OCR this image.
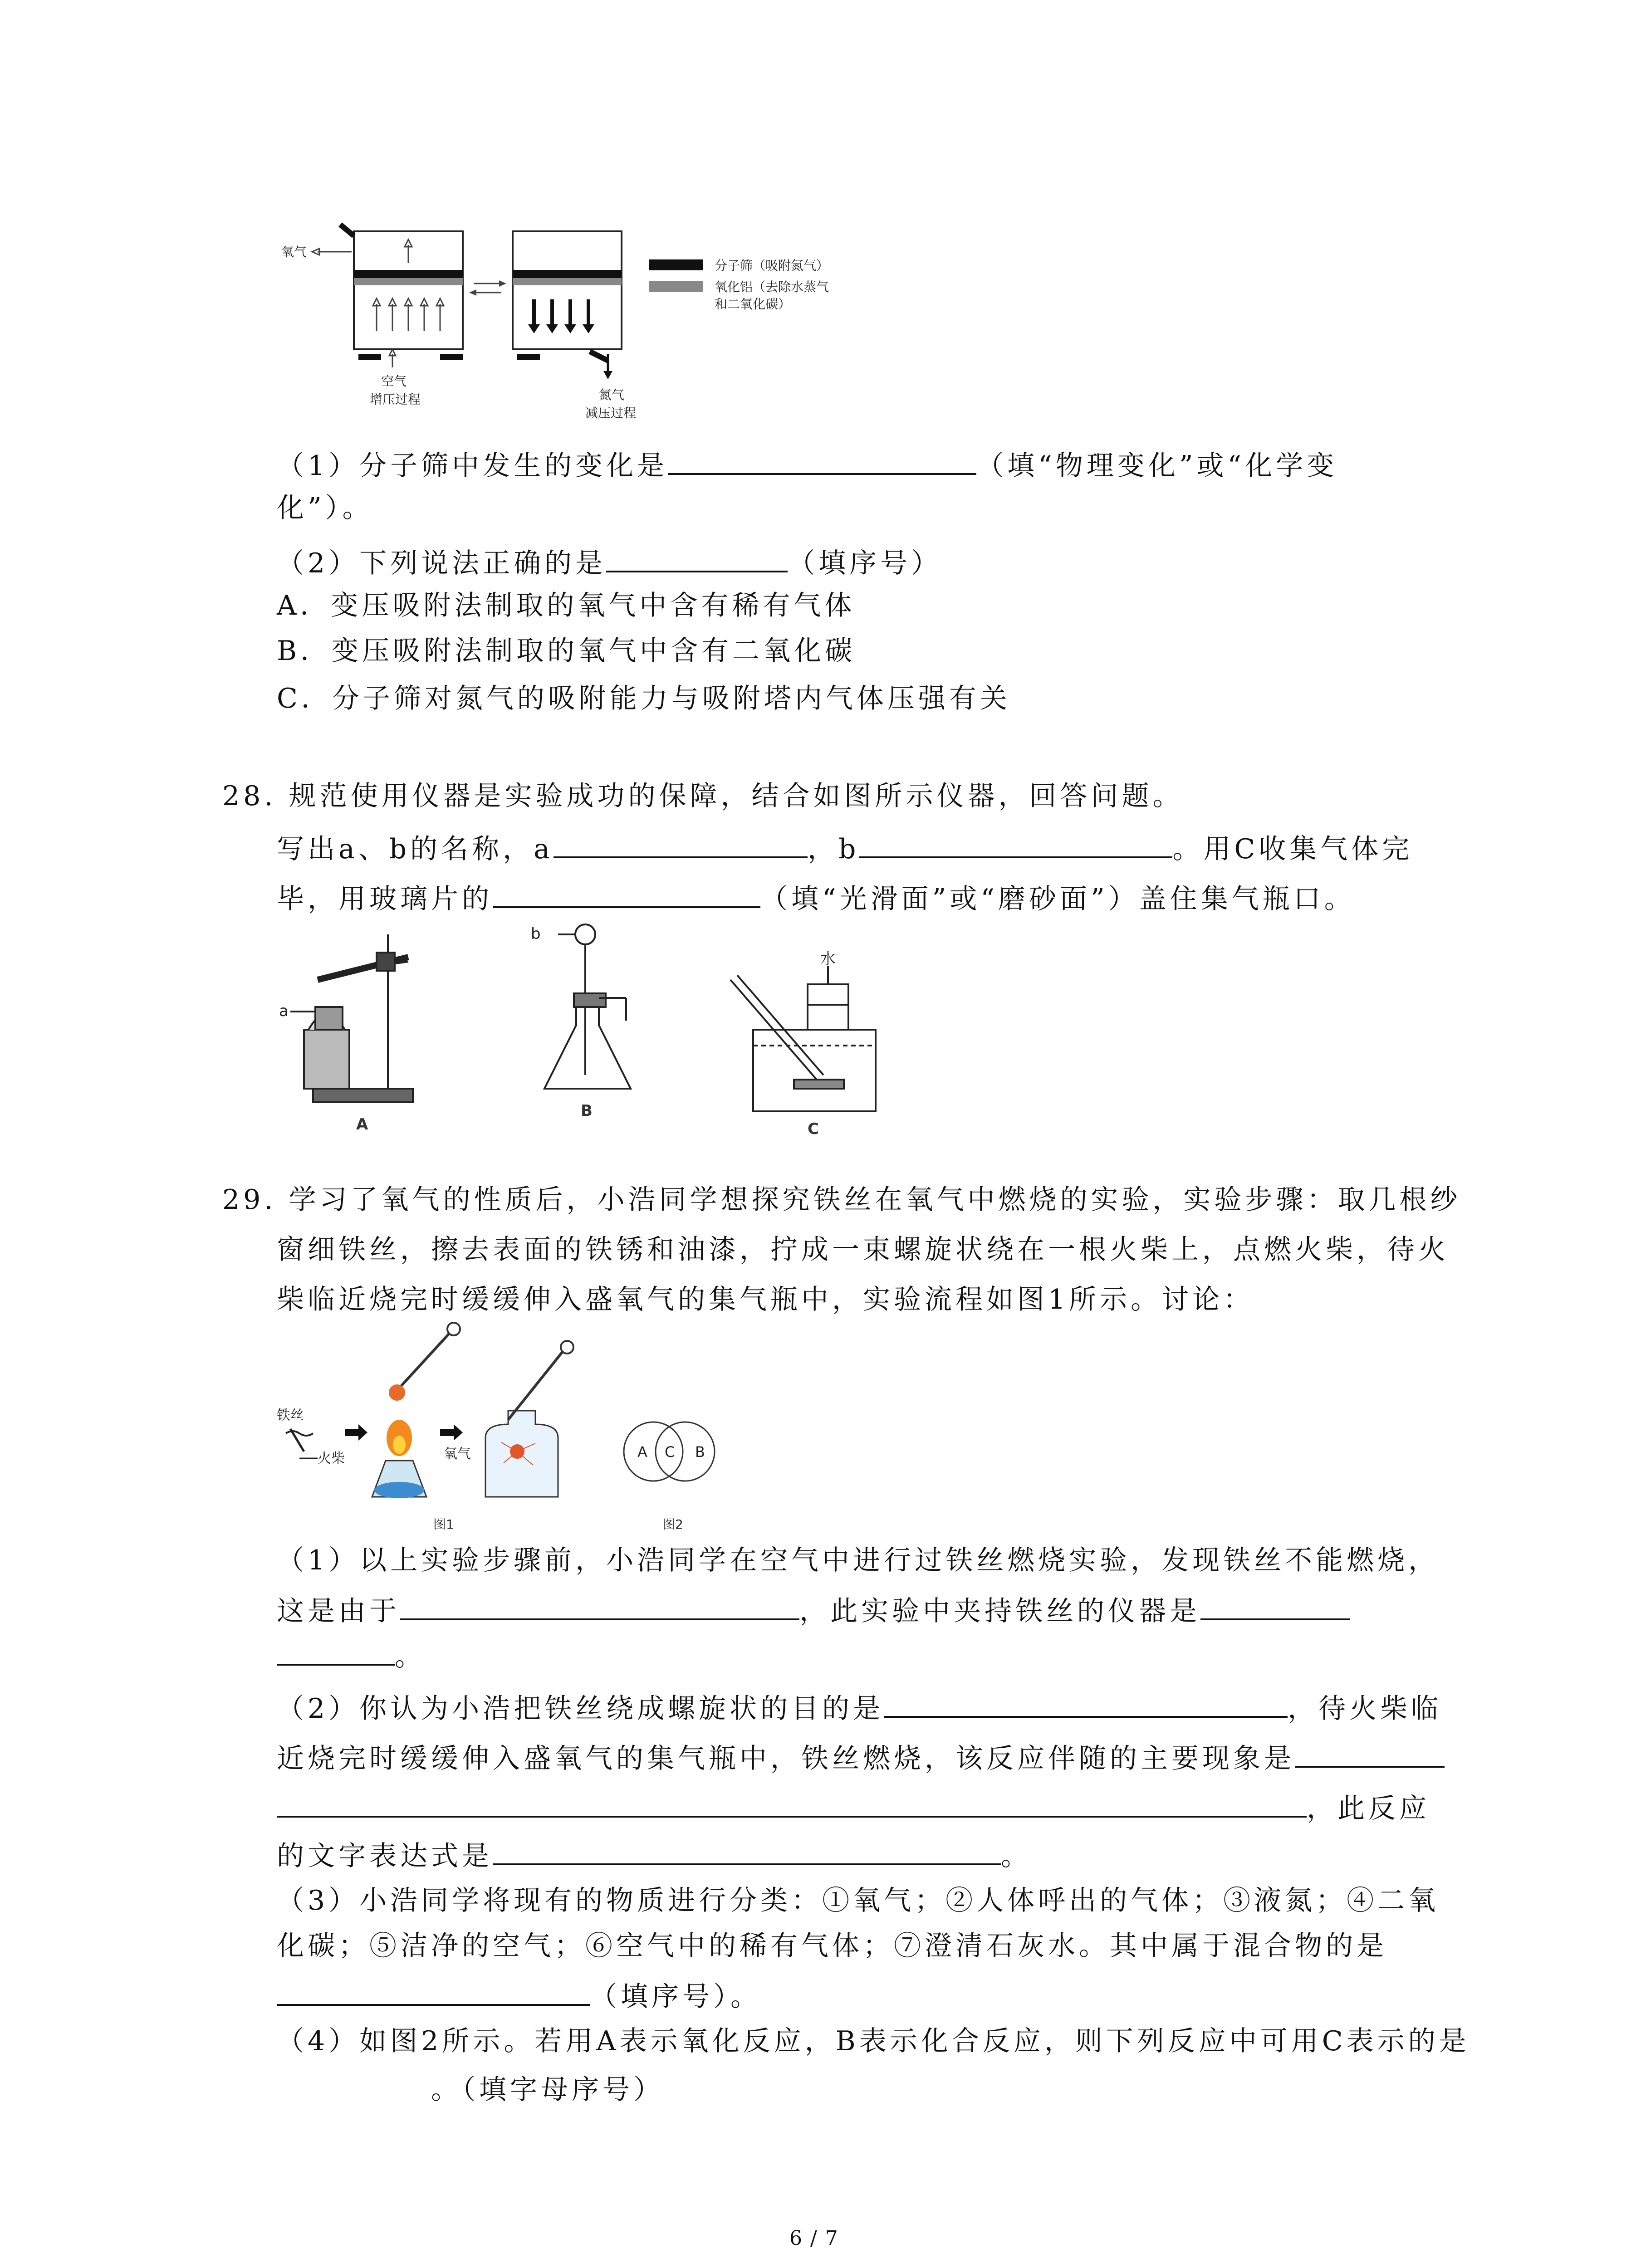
氧气
空气
增压过程	氮气
减压过程
分子筛（吸附氮气）
氧化铝（去除水蒸气
和二氧化碳）
（1）分子筛中发生的变化是	（填“物理变化”或“化学变
化”）。
（2）下列说法正确的是	（填序号）
A．变压吸附法制取的氧气中含有稀有气体
B．变压吸附法制取的氧气中含有二氧化碳
C．分子筛对氮气的吸附能力与吸附塔内气体压强有关
28. 规范使用仪器是实验成功的保障，结合如图所示仪器，回答问题。
写出a、b的名称，a	，b	。用C收集气体完
毕，用玻璃片的	（填“光滑面”或“磨砂面”）盖住集气瓶口。
a
A
b
B
水
C
29. 学习了氧气的性质后，小浩同学想探究铁丝在氧气中燃烧的实验，实验步骤：取几根纱
窗细铁丝，擦去表面的铁锈和油漆，拧成一束螺旋状绕在一根火柴上，点燃火柴，待火
柴临近烧完时缓缓伸入盛氧气的集气瓶中，实验流程如图1所示。讨论：
铁丝
火柴	氧气
图1
A C B
图2
（1）以上实验步骤前，小浩同学在空气中进行过铁丝燃烧实验，发现铁丝不能燃烧，
这是由于	，此实验中夹持铁丝的仪器是
。
（2）你认为小浩把铁丝绕成螺旋状的目的是	，待火柴临
近烧完时缓缓伸入盛氧气的集气瓶中，铁丝燃烧，该反应伴随的主要现象是
，此反应
的文字表达式是	。
（3）小浩同学将现有的物质进行分类：①氧气；②人体呼出的气体；③液氮；④二氧
化碳；⑤洁净的空气；⑥空气中的稀有气体；⑦澄清石灰水。其中属于混合物的是
（填序号）。
（4）如图2所示。若用A表示氧化反应，B表示化合反应，则下列反应中可用C表示的是
。（填字母序号）
6 / 7
